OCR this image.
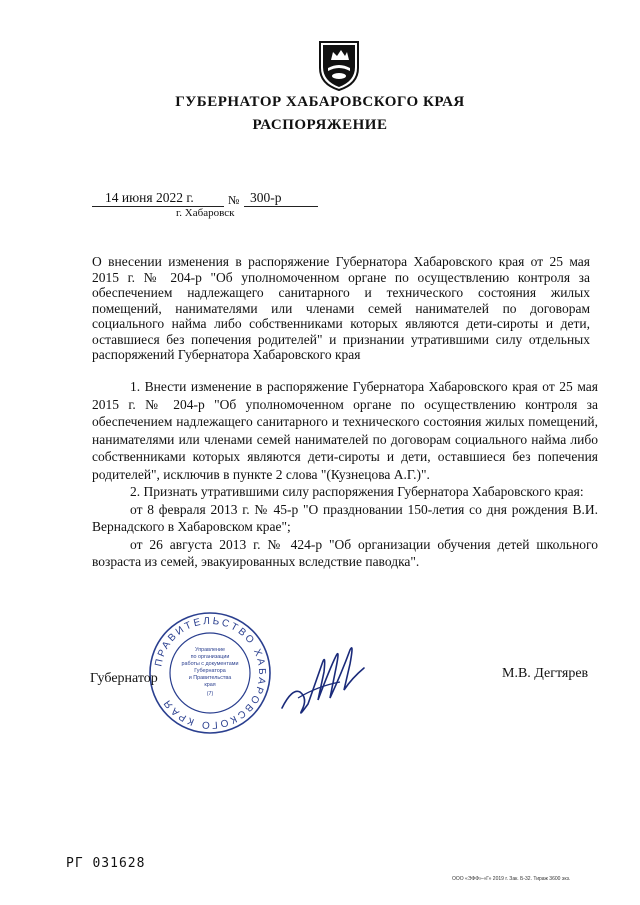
ГУБЕРНАТОР ХАБАРОВСКОГО КРАЯ
РАСПОРЯЖЕНИЕ
14 июня 2022 г.	№ 300-р
г. Хабаровск
О внесении изменения в распоряжение Губернатора Хабаровского края от 25 мая 2015 г. № 204-р "Об уполномоченном органе по осуществлению контроля за обеспечением надлежащего санитарного и технического состояния жилых помещений, нанимателями или членами семей нанимателей по договорам социального найма либо собственниками которых являются дети-сироты и дети, оставшиеся без попечения родителей" и признании утратившими силу отдельных распоряжений Губернатора Хабаровского края

1. Внести изменение в распоряжение Губернатора Хабаровского края от 25 мая 2015 г. № 204-р "Об уполномоченном органе по осуществлению контроля за обеспечением надлежащего санитарного и технического состояния жилых помещений, нанимателями или членами семей нанимателей по договорам социального найма либо собственниками которых являются дети-сироты и дети, оставшиеся без попечения родителей", исключив в пункте 2 слова "(Кузнецова А.Г.)".

2. Признать утратившими силу распоряжения Губернатора Хабаровского края:

от 8 февраля 2013 г. № 45-р "О праздновании 150-летия со дня рождения В.И. Вернадского в Хабаровском крае";

от 26 августа 2013 г. № 424-р "Об организации обучения детей школьного возраста из семей, эвакуированных вследствие паводка".

ПРАВИТЕЛЬСТВО ХАБАРОВСКОГО КРАЯ
Управление
по организации
работы с документами
Губернатора
и Правительства
края
(7)
Губернатор	М.В. Дегтярев
РГ 031628
ООО «ЭФФ»-«Г» 2019 г. Зак. Б-32. Тираж 3600 экз.
